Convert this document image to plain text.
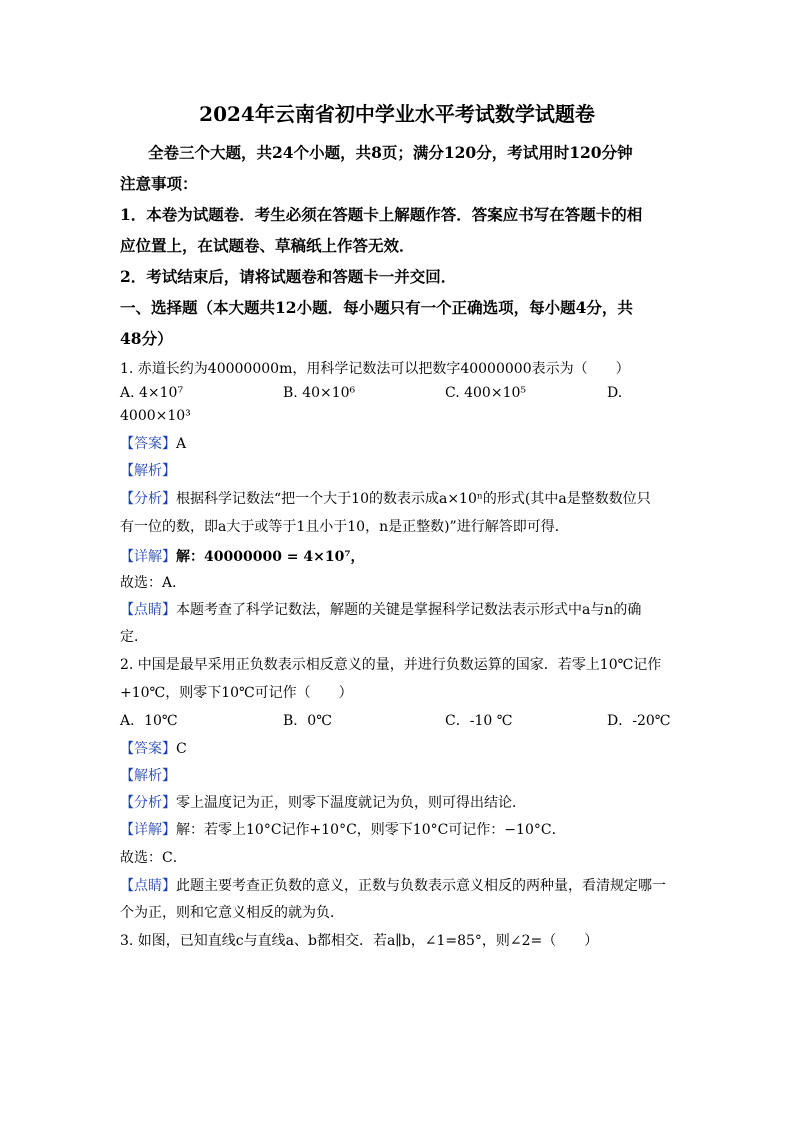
2024年云南省初中学业水平考试数学试题卷
全卷三个大题，共24个小题，共8页；满分120分，考试用时120分钟
注意事项：
1．本卷为试题卷．考生必须在答题卡上解题作答．答案应书写在答题卡的相
应位置上，在试题卷、草稿纸上作答无效．
2．考试结束后，请将试题卷和答题卡一并交回．
一、选择题（本大题共12小题．每小题只有一个正确选项，每小题4分，共
48分）
1. 赤道长约为40000000m，用科学记数法可以把数字40000000表示为（　　）
A. 4×10⁷	B. 40×10⁶	C. 400×10⁵	D.
4000×10³
【答案】A
【解析】
【分析】根据科学记数法“把一个大于10的数表示成a×10ⁿ的形式(其中a是整数数位只
有一位的数，即a大于或等于1且小于10，n是正整数)”进行解答即可得．
【详解】解：40000000 = 4×10⁷，
故选：A．
【点睛】本题考查了科学记数法，解题的关键是掌握科学记数法表示形式中a与n的确
定．
2. 中国是最早采用正负数表示相反意义的量，并进行负数运算的国家．若零上10℃记作
+10℃，则零下10℃可记作（　　）
A．10℃	B．0℃	C．-10 ℃	D．-20℃
【答案】C
【解析】
【分析】零上温度记为正，则零下温度就记为负，则可得出结论．
【详解】解：若零上10°C记作+10°C，则零下10°C可记作：−10°C．
故选：C．
【点睛】此题主要考查正负数的意义，正数与负数表示意义相反的两种量，看清规定哪一
个为正，则和它意义相反的就为负．
3. 如图，已知直线c与直线a、b都相交．若a∥b，∠1=85°，则∠2=（　　）
